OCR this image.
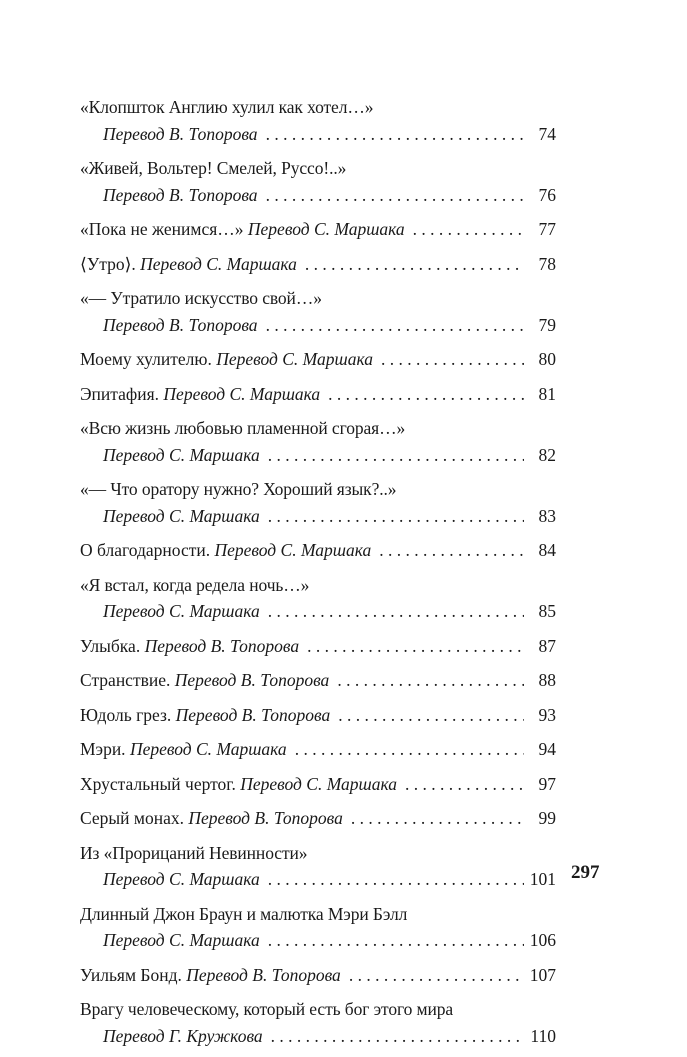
«Клопшток Англию хулил как хотел…»
Перевод В. Топорова . . .	74
«Живей, Вольтер! Смелей, Руссо!..»
Перевод В. Топорова . . .	76
«Пока не женимся…» Перевод С. Маршака . . .	77
⟨Утро⟩. Перевод С. Маршака . . .	78
«— Утратило искусство свой…»
Перевод В. Топорова . . .	79
Моему хулителю. Перевод С. Маршака . . .	80
Эпитафия. Перевод С. Маршака . . .	81
«Всю жизнь любовью пламенной сгорая…»
Перевод С. Маршака . . .	82
«— Что оратору нужно? Хороший язык?..»
Перевод С. Маршака . . .	83
О благодарности. Перевод С. Маршака . . .	84
«Я встал, когда редела ночь…»
Перевод С. Маршака . . .	85
Улыбка. Перевод В. Топорова . . .	87
Странствие. Перевод В. Топорова . . .	88
Юдоль грез. Перевод В. Топорова . . .	93
Мэри. Перевод С. Маршака . . .	94
Хрустальный чертог. Перевод С. Маршака . . .	97
Серый монах. Перевод В. Топорова . . .	99
Из «Прорицаний Невинности»
Перевод С. Маршака . . .	101
Длинный Джон Браун и малютка Мэри Бэлл
Перевод С. Маршака . . .	106
Уильям Бонд. Перевод В. Топорова . . .	107
Врагу человеческому, который есть бог этого мира
Перевод Г. Кружкова . . .	110
297
